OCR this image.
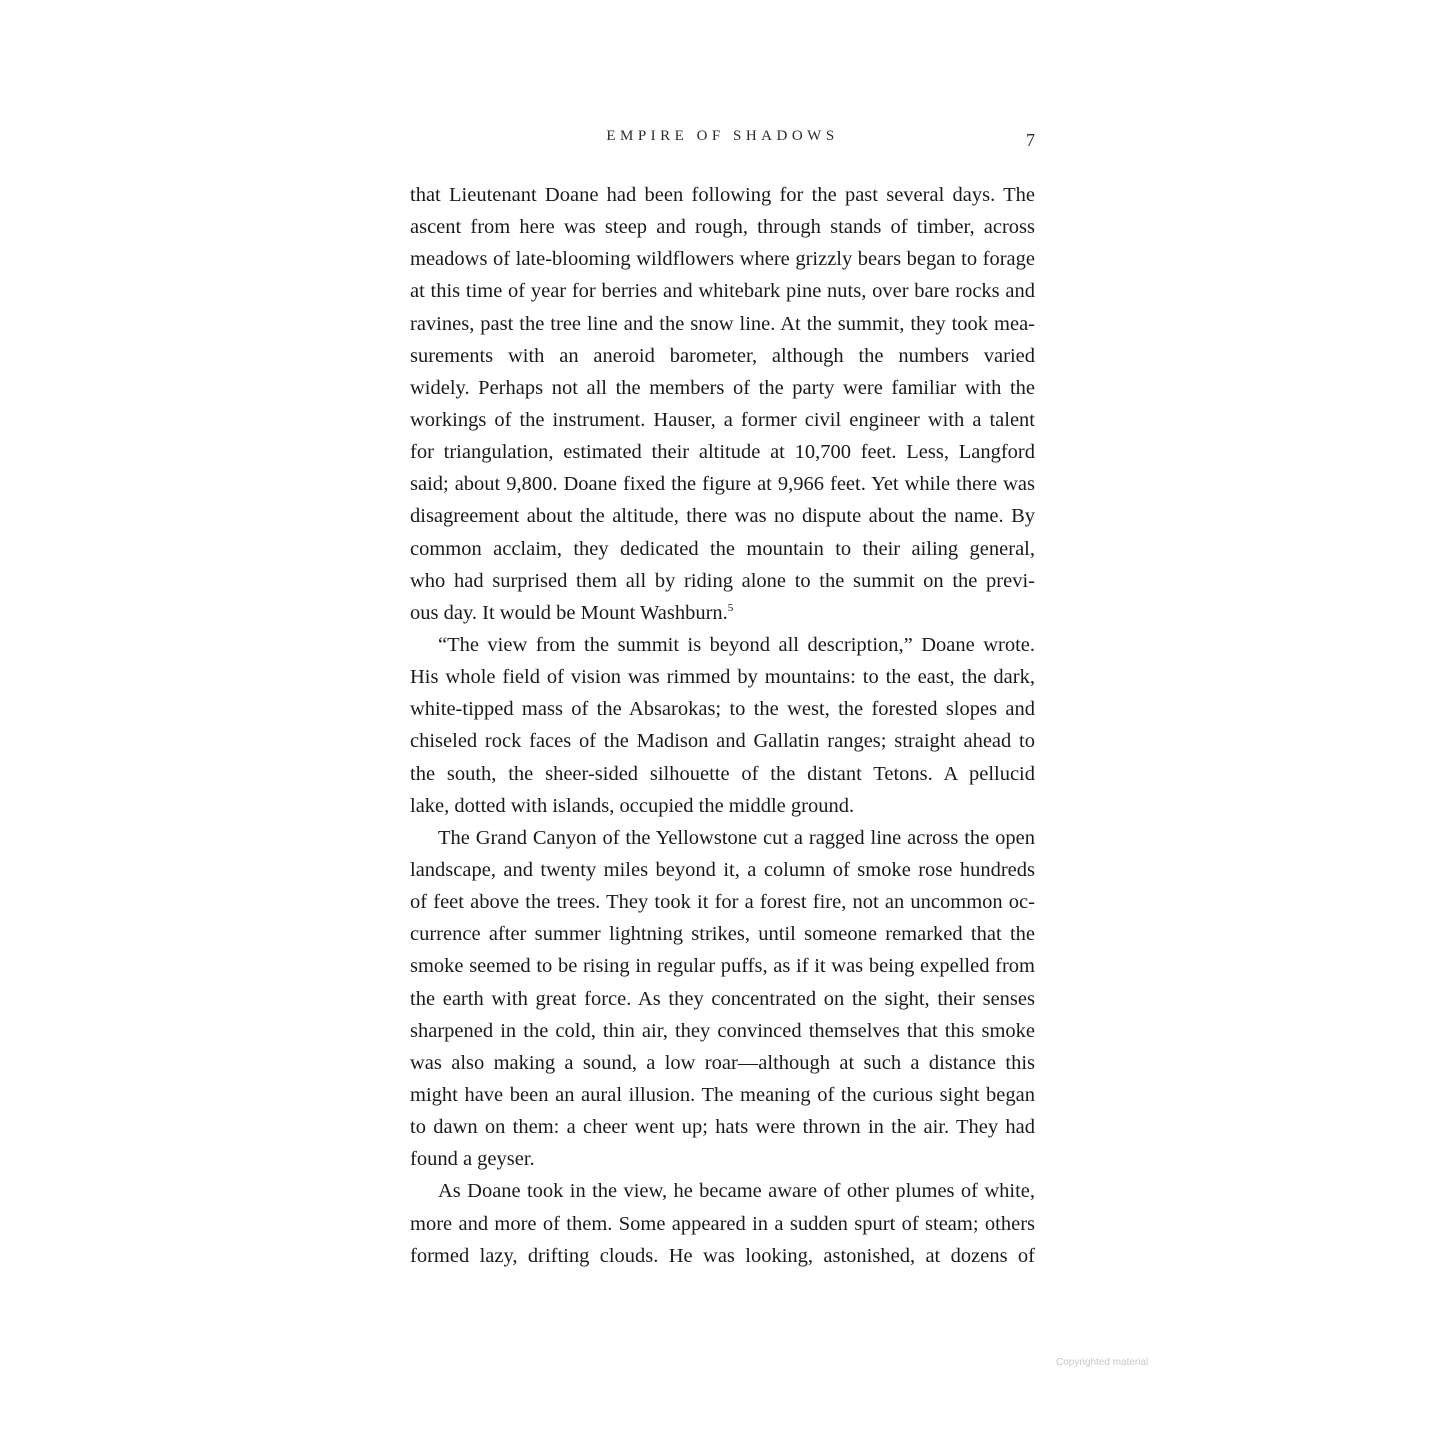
EMPIRE OF SHADOWS	7
that Lieutenant Doane had been following for the past several days. The
ascent from here was steep and rough, through stands of timber, across
meadows of late-blooming wildflowers where grizzly bears began to forage
at this time of year for berries and whitebark pine nuts, over bare rocks and
ravines, past the tree line and the snow line. At the summit, they took mea-
surements with an aneroid barometer, although the numbers varied
widely. Perhaps not all the members of the party were familiar with the
workings of the instrument. Hauser, a former civil engineer with a talent
for triangulation, estimated their altitude at 10,700 feet. Less, Langford
said; about 9,800. Doane fixed the figure at 9,966 feet. Yet while there was
disagreement about the altitude, there was no dispute about the name. By
common acclaim, they dedicated the mountain to their ailing general,
who had surprised them all by riding alone to the summit on the previ-
ous day. It would be Mount Washburn.$^5$
“The view from the summit is beyond all description,” Doane wrote.
His whole field of vision was rimmed by mountains: to the east, the dark,
white-tipped mass of the Absarokas; to the west, the forested slopes and
chiseled rock faces of the Madison and Gallatin ranges; straight ahead to
the south, the sheer-sided silhouette of the distant Tetons. A pellucid
lake, dotted with islands, occupied the middle ground.
The Grand Canyon of the Yellowstone cut a ragged line across the open
landscape, and twenty miles beyond it, a column of smoke rose hundreds
of feet above the trees. They took it for a forest fire, not an uncommon oc-
currence after summer lightning strikes, until someone remarked that the
smoke seemed to be rising in regular puffs, as if it was being expelled from
the earth with great force. As they concentrated on the sight, their senses
sharpened in the cold, thin air, they convinced themselves that this smoke
was also making a sound, a low roar—although at such a distance this
might have been an aural illusion. The meaning of the curious sight began
to dawn on them: a cheer went up; hats were thrown in the air. They had
found a geyser.
As Doane took in the view, he became aware of other plumes of white,
more and more of them. Some appeared in a sudden spurt of steam; others
formed lazy, drifting clouds. He was looking, astonished, at dozens of
Copyrighted material
